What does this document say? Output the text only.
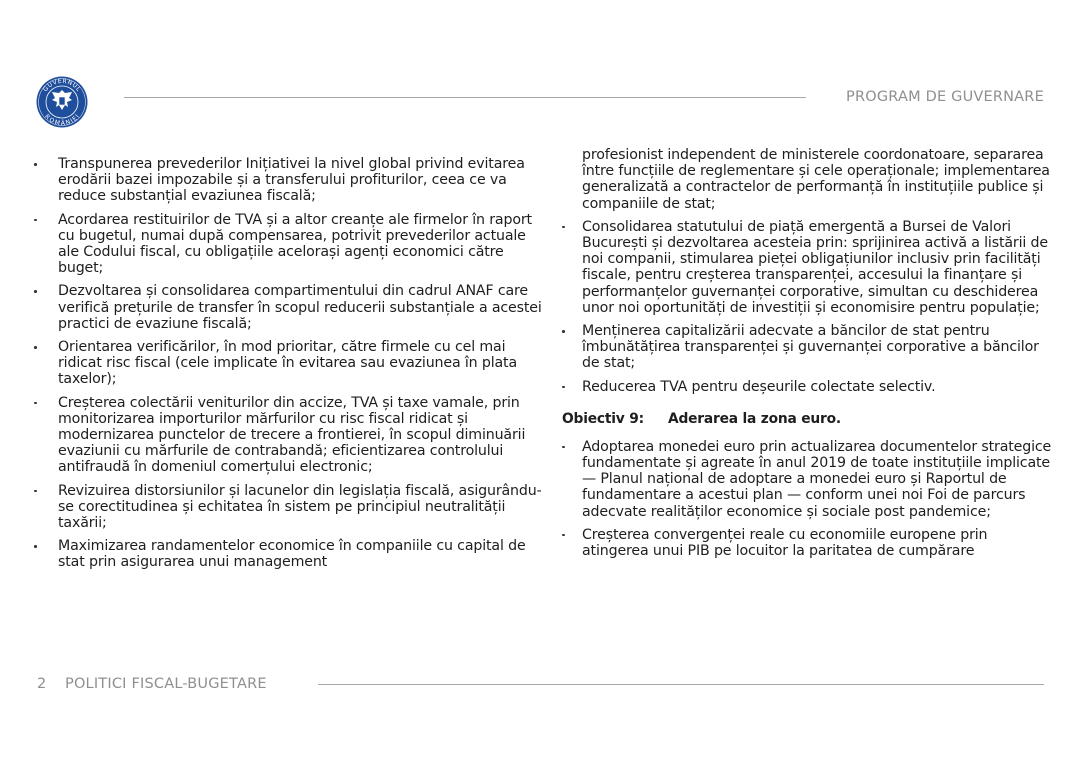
GUVERNUL
ROMÂNIEI
PROGRAM DE GUVERNARE
Transpunerea prevederilor Inițiativei la nivel global privind evitarea erodării bazei impozabile și a transferului profiturilor, ceea ce va reduce substanțial evaziunea fiscală;
Acordarea restituirilor de TVA și a altor creanțe ale firmelor în raport cu bugetul, numai după compensarea, potrivit prevederilor actuale ale Codului fiscal, cu obligațiile acelorași agenți economici către buget;
Dezvoltarea și consolidarea compartimentului din cadrul ANAF care verifică prețurile de transfer în scopul reducerii substanțiale a acestei practici de evaziune fiscală;
Orientarea verificărilor, în mod prioritar, către firmele cu cel mai ridicat risc fiscal (cele implicate în evitarea sau evaziunea în plata taxelor);
Creșterea colectării veniturilor din accize, TVA și taxe vamale, prin monitorizarea importurilor mărfurilor cu risc fiscal ridicat și modernizarea punctelor de trecere a frontierei, în scopul diminuării evaziunii cu mărfurile de contrabandă; eficientizarea controlului antifraudă în domeniul comerțului electronic;
Revizuirea distorsiunilor și lacunelor din legislația fiscală, asigurându-se corectitudinea și echitatea în sistem pe principiul neutralității taxării;
Maximizarea randamentelor economice în companiile cu capital de stat prin asigurarea unui management
profesionist independent de ministerele coordonatoare, separarea între funcțiile de reglementare și cele operaționale; implementarea generalizată a contractelor de performanță în instituțiile publice și companiile de stat;
Consolidarea statutului de piață emergentă a Bursei de Valori București și dezvoltarea acesteia prin: sprijinirea activă a listării de noi companii, stimularea pieței obligațiunilor inclusiv prin facilități fiscale, pentru creșterea transparenței, accesului la finanțare și performanțelor guvernanței corporative, simultan cu deschiderea unor noi oportunități de investiții și economisire pentru populație;
Menținerea capitalizării adecvate a băncilor de stat pentru îmbunătățirea transparenței și guvernanței corporative a băncilor de stat;
Reducerea TVA pentru deșeurile colectate selectiv.
Obiectiv 9: Aderarea la zona euro.
Adoptarea monedei euro prin actualizarea documentelor strategice fundamentate și agreate în anul 2019 de toate instituțiile implicate — Planul național de adoptare a monedei euro și Raportul de fundamentare a acestui plan — conform unei noi Foi de parcurs adecvate realităților economice și sociale post pandemice;
Creșterea convergenței reale cu economiile europene prin atingerea unui PIB pe locuitor la paritatea de cumpărare
2 POLITICI FISCAL-BUGETARE
